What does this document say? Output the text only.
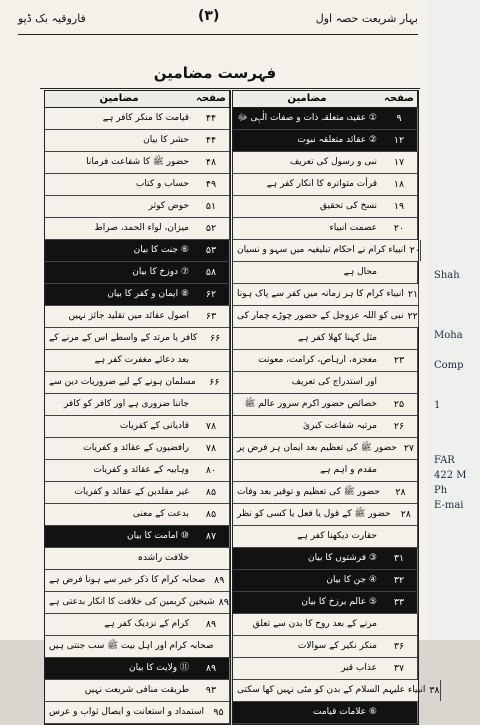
بہار شریعت حصہ اول
(۳)
فاروقیہ بک ڈپو
فہرست مضامین
مضامین	صفحہ
① عقیدہ متعلقہ ذات و صفات الٰہی ﷻ	۹
② عقائد متعلقہ نبوت	۱۲
نبی و رسول کی تعریف	۱۷
قرأت متواترہ کا انکار کفر ہے	۱۸
نسخ کی تحقیق	۱۹
عصمت انبیاء	۲۰
انبیاء کرام نے احکام تبلیغیہ میں سہو و نسیان ۲۰
محال ہے
انبیاء کرام کا ہر زمانہ میں کفر سے پاک ہونا ۲۱
نبی کو اللہ عزوجل کے حضور چوڑے چمار کی ۲۲
مثل کہنا کھلا کفر ہے
معجزہ، ارہاص، کرامت، معونت	۲۳
اور استدراج کی تعریف
خصائص حضور اکرم سرور عالم ﷺ	۲۵
مرتبہ شفاعت کبریٰ	۲۶
حضور ﷺ کی تعظیم بعد ایمان ہر فرض پر ۲۷
مقدم و اہم ہے
حضور ﷺ کی تعظیم و توقیر بعد وفات	۲۸
حضور ﷺ کے قول یا فعل یا کسی کو نظر	۲۸
حقارت دیکھنا کفر ہے
③ فرشتوں کا بیان	۳۱
④ جن کا بیان	۳۲
⑤ عالم برزخ کا بیان	۳۳
مرنے کے بعد روح کا بدن سے تعلق
منکر نکیر کے سوالات	۳۶
عذاب قبر	۳۷
انبیاء علیہم السلام کے بدن کو مٹی نہیں کھا سکتی ۳۸
⑥ علامات قیامت
مضامین	صفحہ
قیامت کا منکر کافر ہے	۴۴
حشر کا بیان	۴۴
حضور ﷺ کا شفاعت فرمانا	۴۸
حساب و کتاب	۴۹
حوض کوثر	۵۱
میزان، لواء الحمد، صراط	۵۲
⑥ جنت کا بیان	۵۳
⑦ دوزخ کا بیان	۵۸
⑧ ایمان و کفر کا بیان	۶۲
اصول عقائد میں تقلید جائز نہیں	۶۳
کافر یا مرتد کے واسطے اس کے مرنے کے	۶۶
بعد دعائے مغفرت کفر ہے
مسلمان ہونے کے لیے ضروریات دین سے	۶۶
جاننا ضروری ہے اور کافر کو کافر
قادیانی کے کفریات	۷۸
رافضیوں کے عقائد و کفریات	۷۸
وہابیہ کے عقائد و کفریات	۸۰
غیر مقلدین کے عقائد و کفریات	۸۵
بدعت کے معنی	۸۵
⑩ امامت کا بیان	۸۷
خلافت راشدہ
صحابہ کرام کا ذکر خیر سے ہونا فرض ہے ۸۹
شیخین کریمین کی خلافت کا انکار بدعتی ہے ۸۹
کرام کے نزدیک کفر ہے	۸۹
صحابہ کرام اور اہل بیت ﷺ سب جنتی ہیں
⑪ ولایت کا بیان	۸۹
طریقت منافی شریعت نہیں	۹۳
استمداد و استعانت و ایصال ثواب و عرس ۹۵
Shah
Moha
Comp
1
FAR
422 M
Ph
E-mai
